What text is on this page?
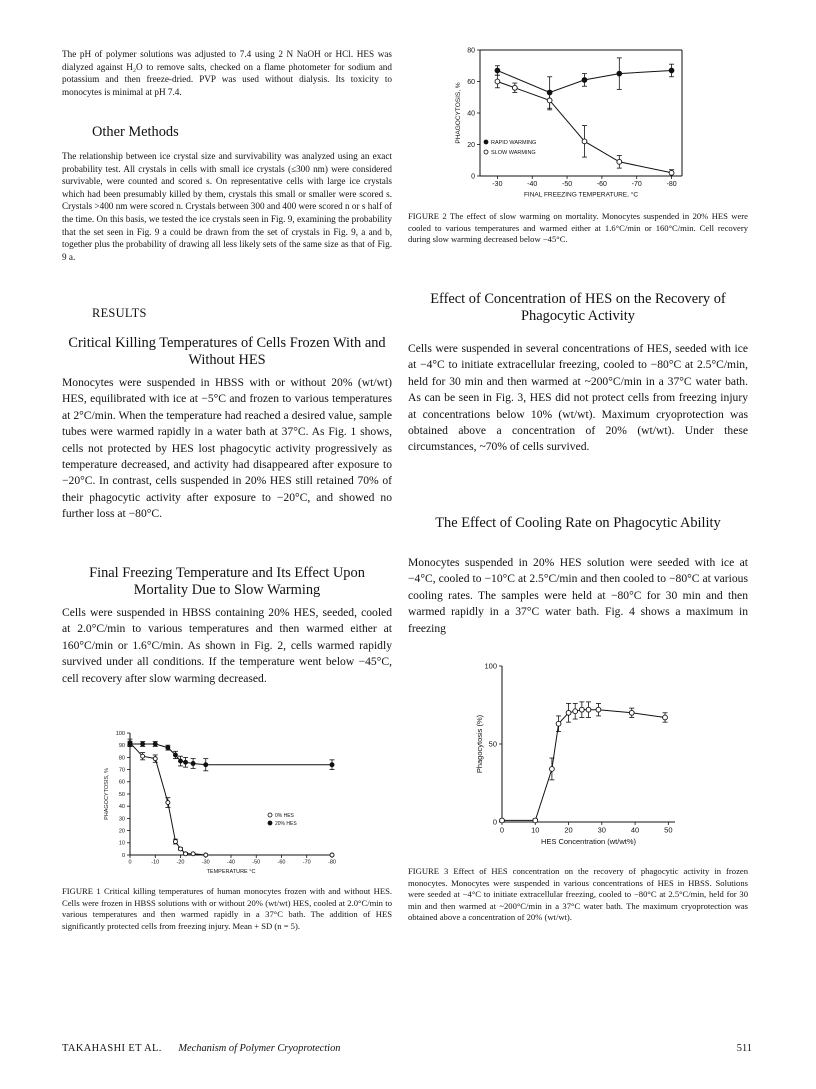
The pH of polymer solutions was adjusted to 7.4 using 2 N NaOH or HCl. HES was dialyzed against H₂O to remove salts, checked on a flame photometer for sodium and potassium and then freeze-dried. PVP was used without dialysis. Its toxicity to monocytes is minimal at pH 7.4.

Other Methods

The relationship between ice crystal size and survivability was analyzed using an exact probability test. All crystals in cells with small ice crystals (≤300 nm) were considered survivable, were counted and scored s. On representative cells with large ice crystals which had been presumably killed by them, crystals this small or smaller were scored s. Crystals >400 nm were scored n. Crystals between 300 and 400 were scored n or s half of the time. On this basis, we tested the ice crystals seen in Fig. 9, examining the probability that the set seen in Fig. 9 a could be drawn from the set of crystals in Fig. 9, a and b, together plus the probability of drawing all less likely sets of the same size as that of Fig. 9 a.

RESULTS
Critical Killing Temperatures of Cells Frozen With and Without HES

Monocytes were suspended in HBSS with or without 20% (wt/wt) HES, equilibrated with ice at −5°C and frozen to various temperatures at 2°C/min. When the temperature had reached a desired value, sample tubes were warmed rapidly in a water bath at 37°C. As Fig. 1 shows, cells not protected by HES lost phagocytic activity progressively as temperature decreased, and activity had disappeared after exposure to −20°C. In contrast, cells suspended in 20% HES still retained 70% of their phagocytic activity after exposure to −20°C, and showed no further loss at −80°C.

Final Freezing Temperature and Its Effect Upon Mortality Due to Slow Warming

Cells were suspended in HBSS containing 20% HES, seeded, cooled at 2.0°C/min to various temperatures and then warmed either at 160°C/min or 1.6°C/min. As shown in Fig. 2, cells warmed rapidly survived under all conditions. If the temperature went below −45°C, cell recovery after slow warming decreased.

0	-10	-20	-30	-40	-50	-60	-70	-80
0
10
20
30
40
50
60
70
80
90
100
TEMPERATURE °C
PHAGOCYTOSIS, %	0% HES
20% HES

FIGURE 1 Critical killing temperatures of human monocytes frozen with and without HES. Cells were frozen in HBSS solutions with or without 20% (wt/wt) HES, cooled at 2.0°C/min to various temperatures and then warmed rapidly in a 37°C bath. The addition of HES significantly protected cells from freezing injury. Mean + SD (n = 5).

-30	-40	-50	-60	-70	-80
0
20
40
60
80
FINAL FREEZING TEMPERATURE, °C
PHAGOCYTOSIS, %	RAPID WARMING
SLOW WARMING

FIGURE 2 The effect of slow warming on mortality. Monocytes suspended in 20% HES were cooled to various temperatures and warmed either at 1.6°C/min or 160°C/min. Cell recovery during slow warming decreased below −45°C.

Effect of Concentration of HES on the Recovery of Phagocytic Activity

Cells were suspended in several concentrations of HES, seeded with ice at −4°C to initiate extracellular freezing, cooled to −80°C at 2.5°C/min, held for 30 min and then warmed at ~200°C/min in a 37°C water bath. As can be seen in Fig. 3, HES did not protect cells from freezing injury at concentrations below 10% (wt/wt). Maximum cryoprotection was obtained above a concentration of 20% (wt/wt). Under these circumstances, ~70% of cells survived.

The Effect of Cooling Rate on Phagocytic Ability

Monocytes suspended in 20% HES solution were seeded with ice at −4°C, cooled to −10°C at 2.5°C/min and then cooled to −80°C at various cooling rates. The samples were held at −80°C for 30 min and then warmed rapidly in a 37°C water bath. Fig. 4 shows a maximum in freezing

0	10	20	30	40	50
0
50
100
HES Concentration (wt/wt%)
Phagocytosis (%)

FIGURE 3 Effect of HES concentration on the recovery of phagocytic activity in frozen monocytes. Monocytes were suspended in various concentrations of HES in HBSS. Solutions were seeded at −4°C to initiate extracellular freezing, cooled to −80°C at 2.5°C/min, held for 30 min and then warmed at ~200°C/min in a 37°C water bath. The maximum cryoprotection was obtained above a concentration of 20% (wt/wt).

TAKAHASHI ET AL. Mechanism of Polymer Cryoprotection	511
